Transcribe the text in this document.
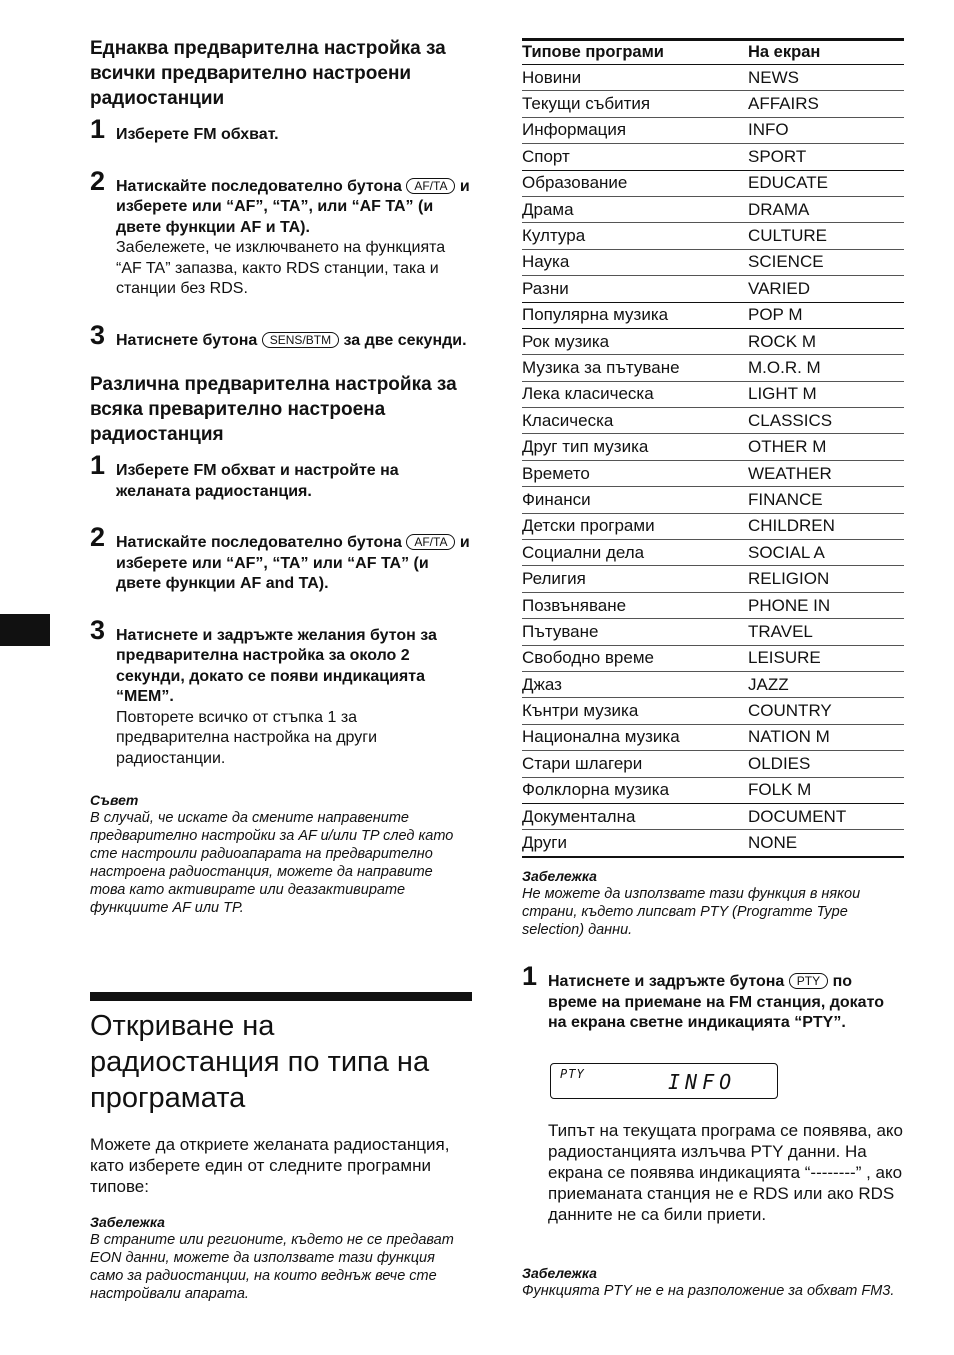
Еднаква предварителна настройка за всички предварително настроени радиостанции

1 Изберете FM обхват.
2 Натискайте последователно бутона AF/TA и изберете или “AF”, “TA”, или “AF TA” (и двете функции AF и TA).
Забележете, че изключването на функцията “AF TA” запазва, както RDS станции, така и станции без RDS.
3 Натиснете бутона SENS/BTM за две секунди.

Различна предварителна настройка за всяка преварително настроена радиостанция

1 Изберете FM обхват и настройте на желаната радиостанция.
2 Натискайте последователно бутона AF/TA и изберете или “AF”, “TA” или “AF TA” (и двете функции AF and TA).
3 Натиснете и задръжте желания бутон за предварителна настройка за около 2 секунди, докато се появи индикацията “MEM”.
Повторете всичко от стъпка 1 за предварителна настройка на други радиостанции.
Съвет
В случай, че искате да смените направените предварително настройки за AF и/или TP след като сте настроили радиоапарата на предварително настроена радиостанция, можете да направите това като активирате или деазактивирате функциите AF или TP.
Откриване на радиостанция по типа на програмата
Можете да откриете желаната радиостанция, като изберете един от следните програмни типове:
Забележка
В страните или регионите, където не се предават EON данни, можете да използвате тази функция само за радиостанции, на които веднъж вече сте настройвали апарата.
Типове програми	На екран
Новини	NEWS
Текущи събития	AFFAIRS
Информация	INFO
Спорт	SPORT
Образование	EDUCATE
Драма	DRAMA
Култура	CULTURE
Наука	SCIENCE
Разни	VARIED
Популярна музика	POP M
Рок музика	ROCK M
Музика за пътуване	M.O.R. M
Лека класическа	LIGHT M
Класическа	CLASSICS
Друг тип музика	OTHER M
Времето	WEATHER
Финанси	FINANCE
Детски програми	CHILDREN
Социални дела	SOCIAL A
Религия	RELIGION
Позвъняване	PHONE IN
Пътуване	TRAVEL
Свободно време	LEISURE
Джаз	JAZZ
Кънтри музика	COUNTRY
Национална музика	NATION M
Стари шлагери	OLDIES
Фолклорна музика	FOLK M
Документална	DOCUMENT
Други	NONE
Забележка
Не можете да използвате тази функция в някои страни, където липсват PTY (Programme Type selection) данни.
1 Натиснете и задръжте бутона PTY по време на приемане на FM станция, докато на екрана светне индикацията “PTY”.
PTY	INFO
Типът на текущата програма се появява, ако радиостанцията излъчва PTY данни. На екрана се появява индикацията “--------” , ако приеманата станция не е RDS или ако RDS данните не са били приети.
Забележка
Функцията PTY не е на разположение за обхват FM3.
